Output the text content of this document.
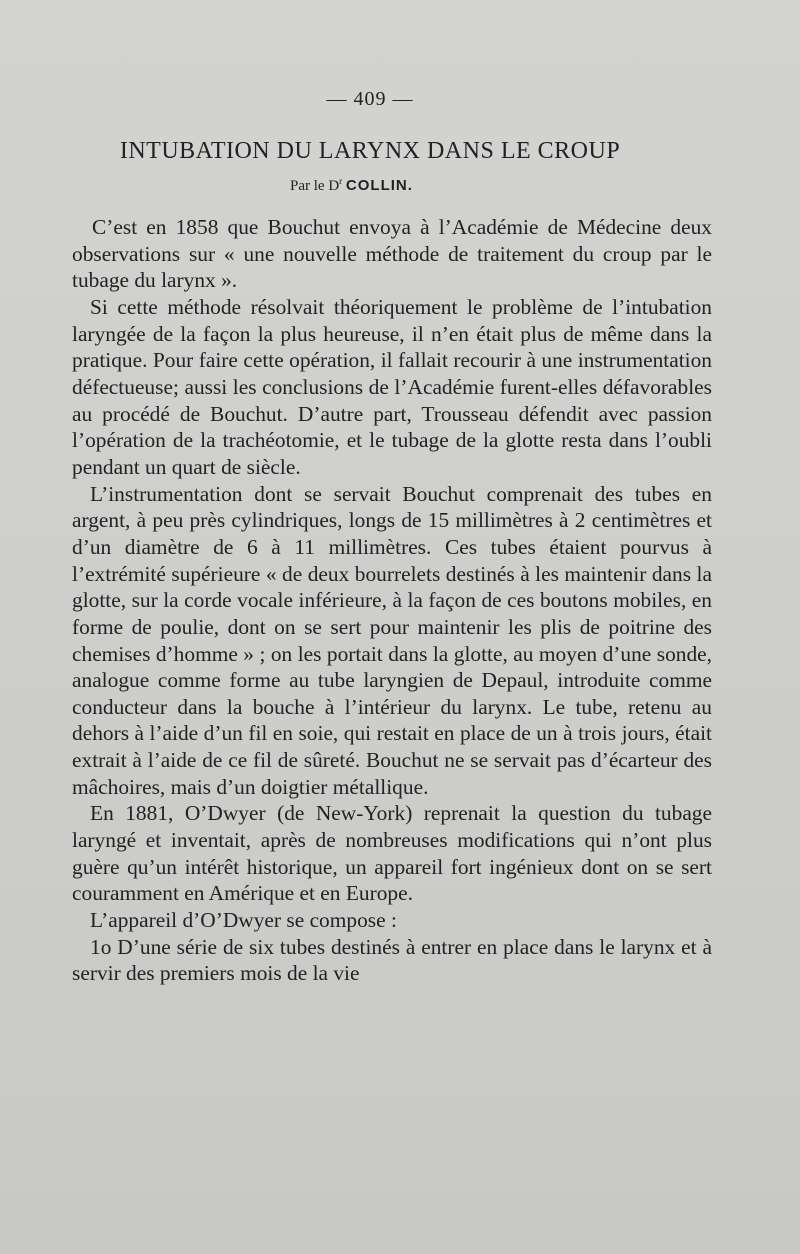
— 409 —
INTUBATION DU LARYNX DANS LE CROUP
Par le $D^r$ COLLIN.

C’est en 1858 que Bouchut envoya à l’Académie de Médecine deux observations sur « une nouvelle méthode de traitement du croup par le tubage du larynx ».

Si cette méthode résolvait théoriquement le problème de l’intubation laryngée de la façon la plus heureuse, il n’en était plus de même dans la pratique. Pour faire cette opération, il fallait recourir à une instrumentation défectueuse; aussi les conclusions de l’Académie furent-elles défavorables au procédé de Bouchut. D’autre part, Trousseau défendit avec passion l’opération de la trachéotomie, et le tubage de la glotte resta dans l’oubli pendant un quart de siècle.

L’instrumentation dont se servait Bouchut comprenait des tubes en argent, à peu près cylindriques, longs de 15 millimètres à 2 centimètres et d’un diamètre de 6 à 11 millimètres. Ces tubes étaient pourvus à l’extrémité supérieure « de deux bourrelets destinés à les maintenir dans la glotte, sur la corde vocale inférieure, à la façon de ces boutons mobiles, en forme de poulie, dont on se sert pour maintenir les plis de poitrine des chemises d’homme » ; on les portait dans la glotte, au moyen d’une sonde, analogue comme forme au tube laryngien de Depaul, introduite comme conducteur dans la bouche à l’intérieur du larynx. Le tube, retenu au dehors à l’aide d’un fil en soie, qui restait en place de un à trois jours, était extrait à l’aide de ce fil de sûreté. Bouchut ne se servait pas d’écarteur des mâchoires, mais d’un doigtier métallique.

En 1881, O’Dwyer (de New-York) reprenait la question du tubage laryngé et inventait, après de nombreuses modifications qui n’ont plus guère qu’un intérêt historique, un appareil fort ingénieux dont on se sert couramment en Amérique et en Europe.

L’appareil d’O’Dwyer se compose :

1o D’une série de six tubes destinés à entrer en place dans le larynx et à servir des premiers mois de la vie
